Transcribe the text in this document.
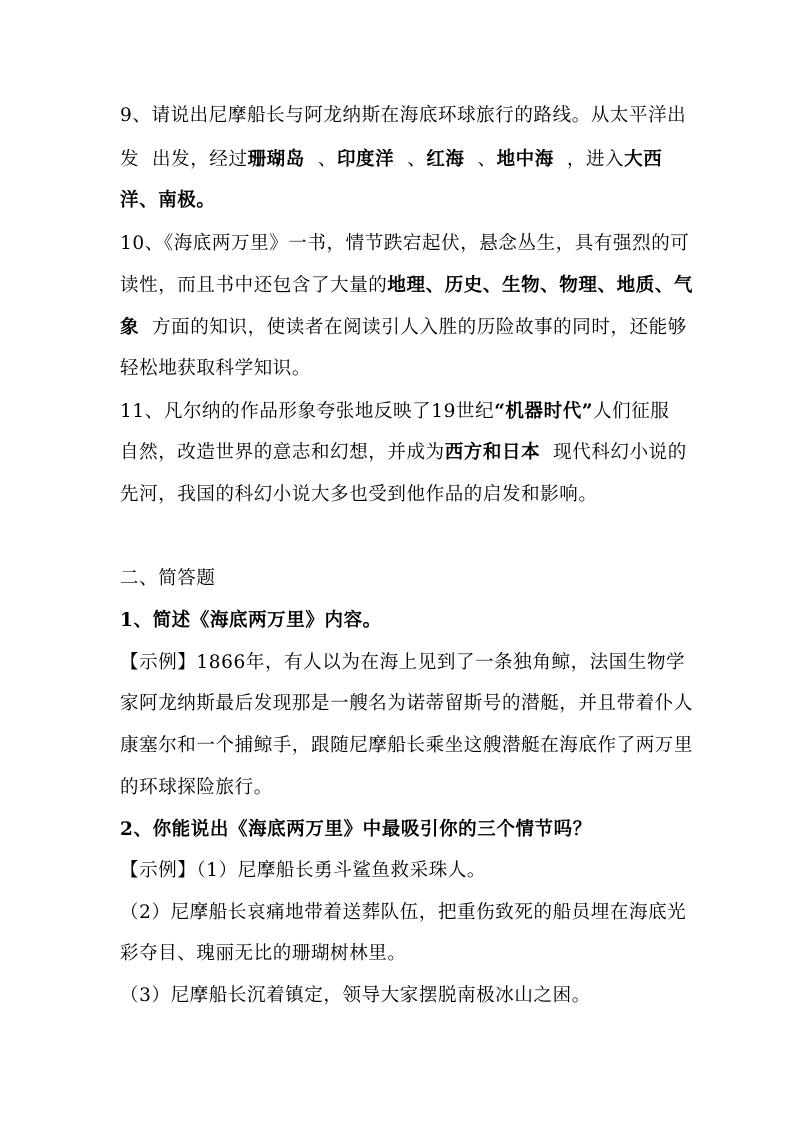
9、请说出尼摩船长与阿龙纳斯在海底环球旅行的路线。从太平洋出
发  出发，经过珊瑚岛  、印度洋  、红海  、地中海  ，进入大西
洋、南极。
10、《海底两万里》一书，情节跌宕起伏，悬念丛生，具有强烈的可
读性，而且书中还包含了大量的地理、历史、生物、物理、地质、气
象  方面的知识，使读者在阅读引人入胜的历险故事的同时，还能够
轻松地获取科学知识。
11、凡尔纳的作品形象夸张地反映了19世纪“机器时代”人们征服
自然，改造世界的意志和幻想，并成为西方和日本  现代科幻小说的
先河，我国的科幻小说大多也受到他作品的启发和影响。
二、简答题
1、简述《海底两万里》内容。
【示例】1866年，有人以为在海上见到了一条独角鲸，法国生物学
家阿龙纳斯最后发现那是一艘名为诺蒂留斯号的潜艇，并且带着仆人
康塞尔和一个捕鲸手，跟随尼摩船长乘坐这艘潜艇在海底作了两万里
的环球探险旅行。
2、你能说出《海底两万里》中最吸引你的三个情节吗？
【示例】（1）尼摩船长勇斗鲨鱼救采珠人。
（2）尼摩船长哀痛地带着送葬队伍，把重伤致死的船员埋在海底光
彩夺目、瑰丽无比的珊瑚树林里。
（3）尼摩船长沉着镇定，领导大家摆脱南极冰山之困。
